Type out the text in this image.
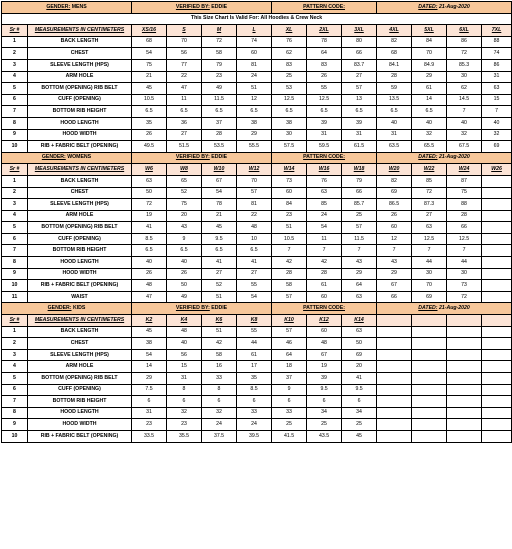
GENDER: MENS		VERIFIED BY: EDDIE				PATTERN CODE:			DATED: 21-Aug-2020			
This Size Chart Is Valid For: All Hoodies & Crew Neck												
Sr #	MEASUREMENTS IN CENTIMETERS	XS/16	S	M	L	XL	2XL	3XL	4XL	5XL	6XL	7XL
1	BACK LENGTH	68	70	72	74	76	78	80	82	84	86	88
2	CHEST	54	56	58	60	62	64	66	68	70	72	74
3	SLEEVE LENGTH (HPS)	75	77	79	81	83	83	83.7	84.1	84.9	85.3	86
4	ARM HOLE	21	22	23	24	25	26	27	28	29	30	31
5	BOTTOM (OPENING) RIB BELT	45	47	49	51	53	55	57	59	61	62	63
6	CUFF (OPENING)	10.5	11	11.5	12	12.5	12.5	13	13.5	14	14.5	15
7	BOTTOM RIB HEIGHT	6.5	6.5	6.5	6.5	6.5	6.5	6.5	6.5	6.5	7	7
8	HOOD LENGTH	35	36	37	38	38	39	39	40	40	40	40
9	HOOD WIDTH	26	27	28	29	30	31	31	31	32	32	32
10	RIB + FABRIC BELT (OPENING)	49.5	51.5	53.5	55.5	57.5	59.5	61.5	63.5	65.5	67.5	69
GENDER: WOMENS		VERIFIED BY: EDDIE				PATTERN CODE:			DATED: 21-Aug-2020			
Sr #	MEASUREMENTS IN CENTIMETERS	W6	W8	W10	W12	W14	W16	W18	W20	W22	W24	W26
1	BACK LENGTH	63	65	67	70	73	76	79	82	85	87	
2	CHEST	50	52	54	57	60	63	66	69	72	75	
3	SLEEVE LENGTH (HPS)	72	75	78	81	84	85	85.7	86.5	87.3	88	
4	ARM HOLE	19	20	21	22	23	24	25	26	27	28	
5	BOTTOM (OPENING) RIB BELT	41	43	45	48	51	54	57	60	63	66	
6	CUFF (OPENING)	8.5	9	9.5	10	10.5	11	11.5	12	12.5	12.5	
7	BOTTOM RIB HEIGHT	6.5	6.5	6.5	6.5	7	7	7	7	7	7	
8	HOOD LENGTH	40	40	41	41	42	42	43	43	44	44	
9	HOOD WIDTH	26	26	27	27	28	28	29	29	30	30	
10	RIB + FABRIC BELT (OPENING)	48	50	52	55	58	61	64	67	70	73	
11	WAIST	47	49	51	54	57	60	63	66	69	72	
GENDER: KIDS		VERIFIED BY: EDDIE				PATTERN CODE:			DATED: 21-Aug-2020			
Sr #	MEASUREMENTS IN CENTIMETERS	K2	K4	K6	K8	K10	K12	K14				
1	BACK LENGTH	45	48	51	55	57	60	63				
2	CHEST	38	40	42	44	46	48	50				
3	SLEEVE LENGTH (HPS)	54	56	58	61	64	67	69				
4	ARM HOLE	14	15	16	17	18	19	20				
5	BOTTOM (OPENING) RIB BELT	29	31	33	35	37	39	41				
6	CUFF (OPENING)	7.5	8	8	8.5	9	9.5	9.5				
7	BOTTOM RIB HEIGHT	6	6	6	6	6	6	6				
8	HOOD LENGTH	31	32	32	33	33	34	34				
9	HOOD WIDTH	23	23	24	24	25	25	25				
10	RIB + FABRIC BELT (OPENING)	33.5	35.5	37.5	39.5	41.5	43.5	45				
